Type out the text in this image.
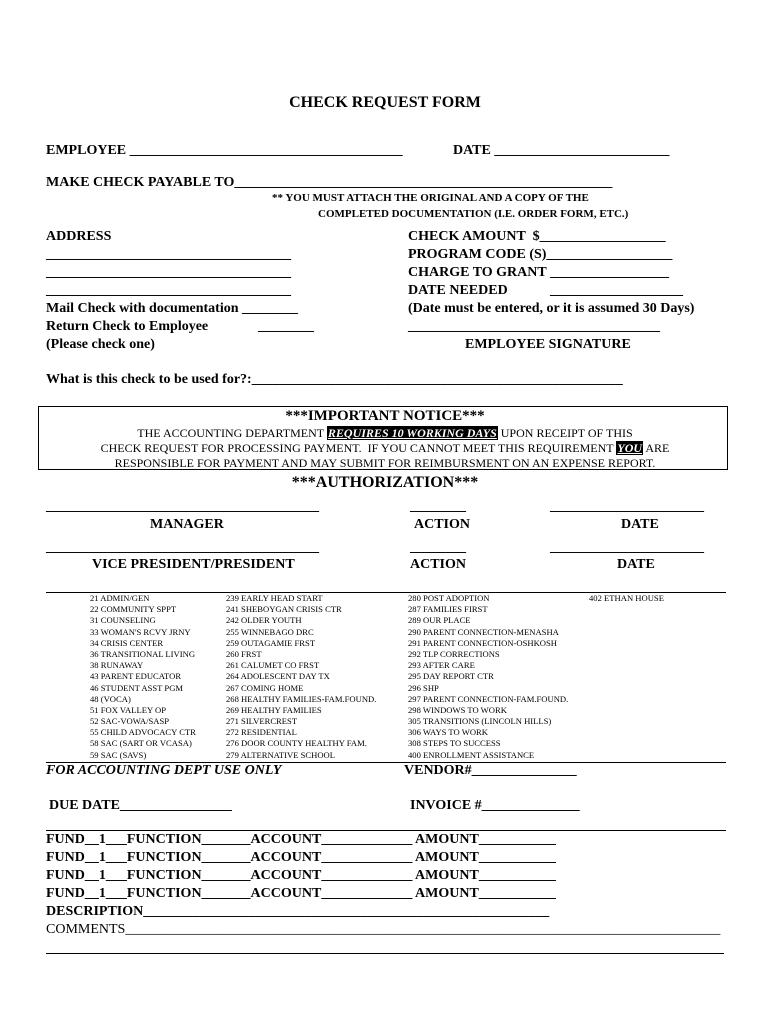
CHECK REQUEST FORM
EMPLOYEE _______________________________________	DATE _________________________
MAKE CHECK PAYABLE TO______________________________________________________
** YOU MUST ATTACH THE ORIGINAL AND A COPY OF THE
COMPLETED DOCUMENTATION (I.E. ORDER FORM, ETC.)
ADDRESS
___________________________________
___________________________________
___________________________________
Mail Check with documentation ________
Return Check to Employee	________
(Please check one)
CHECK AMOUNT  $__________________
PROGRAM CODE (S)__________________
CHARGE TO GRANT _________________
DATE NEEDED	___________________
(Date must be entered, or it is assumed 30 Days)
____________________________________
EMPLOYEE SIGNATURE
What is this check to be used for?:_____________________________________________________
***IMPORTANT NOTICE***
THE ACCOUNTING DEPARTMENT REQUIRES 10 WORKING DAYS UPON RECEIPT OF THIS
CHECK REQUEST FOR PROCESSING PAYMENT.  IF YOU CANNOT MEET THIS REQUIREMENT YOU ARE
RESPONSIBLE FOR PAYMENT AND MAY SUBMIT FOR REIMBURSMENT ON AN EXPENSE REPORT.
***AUTHORIZATION***
_______________________________________	________	______________________
MANAGER	ACTION	DATE
_______________________________________	________	______________________
VICE PRESIDENT/PRESIDENT	ACTION	DATE
21 ADMIN/GEN
22 COMMUNITY SPPT
31 COUNSELING
33 WOMAN'S RCVY JRNY
34 CRISIS CENTER
36 TRANSITIONAL LIVING
38 RUNAWAY
43 PARENT EDUCATOR
46 STUDENT ASST PGM
48 (VOCA)
51 FOX VALLEY OP
52 SAC-VOWA/SASP
55 CHILD ADVOCACY CTR
58 SAC (SART OR VCASA)
59 SAC (SAVS)
239 EARLY HEAD START
241 SHEBOYGAN CRISIS CTR
242 OLDER YOUTH
255 WINNEBAGO DRC
259 OUTAGAMIE FRST
260 FRST
261 CALUMET CO FRST
264 ADOLESCENT DAY TX
267 COMING HOME
268 HEALTHY FAMILIES-FAM.FOUND.
269 HEALTHY FAMILIES
271 SILVERCREST
272 RESIDENTIAL
276 DOOR COUNTY HEALTHY FAM.
279 ALTERNATIVE SCHOOL
280 POST ADOPTION
287 FAMILIES FIRST
289 OUR PLACE
290 PARENT CONNECTION-MENASHA
291 PARENT CONNECTION-OSHKOSH
292 TLP CORRECTIONS
293 AFTER CARE
295 DAY REPORT CTR
296 SHP
297 PARENT CONNECTION-FAM.FOUND.
298 WINDOWS TO WORK
305 TRANSITIONS (LINCOLN HILLS)
306 WAYS TO WORK
308 STEPS TO SUCCESS
400 ENROLLMENT ASSISTANCE
402 ETHAN HOUSE
FOR ACCOUNTING DEPT USE ONLY	VENDOR#_______________
DUE DATE________________	INVOICE #______________
FUND__1___FUNCTION_______ACCOUNT_____________ AMOUNT___________
FUND__1___FUNCTION_______ACCOUNT_____________ AMOUNT___________
FUND__1___FUNCTION_______ACCOUNT_____________ AMOUNT___________
FUND__1___FUNCTION_______ACCOUNT_____________ AMOUNT___________
DESCRIPTION__________________________________________________________
COMMENTS_____________________________________________________________________________________
